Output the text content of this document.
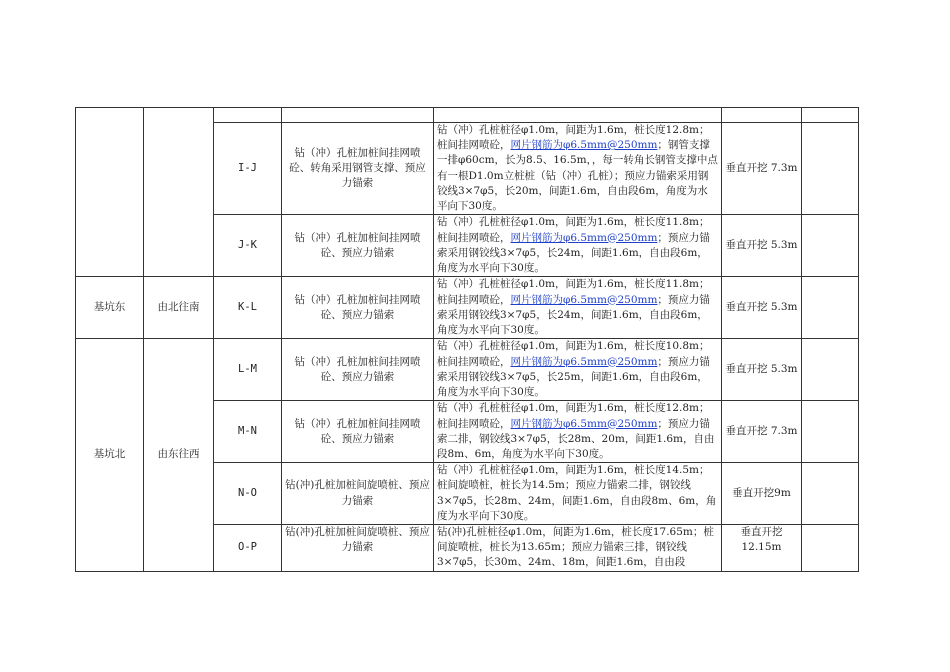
		I-J	钻（冲）孔桩加桩间挂网喷砼、转角采用钢管支撑、预应力锚索	钻（冲）孔桩桩径φ1.0m，间距为1.6m，桩长度12.8m；桩间挂网喷砼，网片钢筋为φ6.5mm@250mm；钢管支撑一排φ60cm，长为8.5、16.5m，，每一转角长钢管支撑中点有一根D1.0m立桩桩（钻（冲）孔桩）；预应力锚索采用钢铰线3×7φ5，长20m，间距1.6m，自由段6m，角度为水平向下30度。	垂直开挖 7.3m	
		J-K	钻（冲）孔桩加桩间挂网喷砼、预应力锚索	钻（冲）孔桩桩径φ1.0m，间距为1.6m，桩长度11.8m；桩间挂网喷砼，网片钢筋为φ6.5mm@250mm；预应力锚索采用钢铰线3×7φ5，长24m，间距1.6m，自由段6m，角度为水平向下30度。	垂直开挖 5.3m	
基坑东	由北往南	K-L	钻（冲）孔桩加桩间挂网喷砼、预应力锚索	钻（冲）孔桩桩径φ1.0m，间距为1.6m，桩长度11.8m；桩间挂网喷砼，网片钢筋为φ6.5mm@250mm；预应力锚索采用钢铰线3×7φ5，长24m，间距1.6m，自由段6m，角度为水平向下30度。	垂直开挖 5.3m	
基坑北	由东往西	L-M	钻（冲）孔桩加桩间挂网喷砼、预应力锚索	钻（冲）孔桩桩径φ1.0m，间距为1.6m，桩长度10.8m；桩间挂网喷砼，网片钢筋为φ6.5mm@250mm；预应力锚索采用钢铰线3×7φ5，长25m，间距1.6m，自由段6m，角度为水平向下30度。	垂直开挖 5.3m	
		M-N	钻（冲）孔桩加桩间挂网喷砼、预应力锚索	钻（冲）孔桩桩径φ1.0m，间距为1.6m，桩长度12.8m；桩间挂网喷砼，网片钢筋为φ6.5mm@250mm；预应力锚索二排，钢铰线3×7φ5，长28m、20m，间距1.6m，自由段8m、6m，角度为水平向下30度。	垂直开挖 7.3m	
		N-O	钻(冲)孔桩加桩间旋喷桩、预应力锚索	钻（冲）孔桩桩径φ1.0m，间距为1.6m，桩长度14.5m；桩间旋喷桩，桩长为14.5m；预应力锚索二排，钢铰线3×7φ5，长28m、24m，间距1.6m，自由段8m、6m，角度为水平向下30度。	垂直开挖9m	
		O-P	钻(冲)孔桩加桩间旋喷桩、预应力锚索	钻(冲)孔桩桩径φ1.0m，间距为1.6m，桩长度17.65m；桩间旋喷桩，桩长为13.65m；预应力锚索三排，钢铰线3×7φ5，长30m、24m、18m，间距1.6m，自由段	垂直开挖 12.15m	
